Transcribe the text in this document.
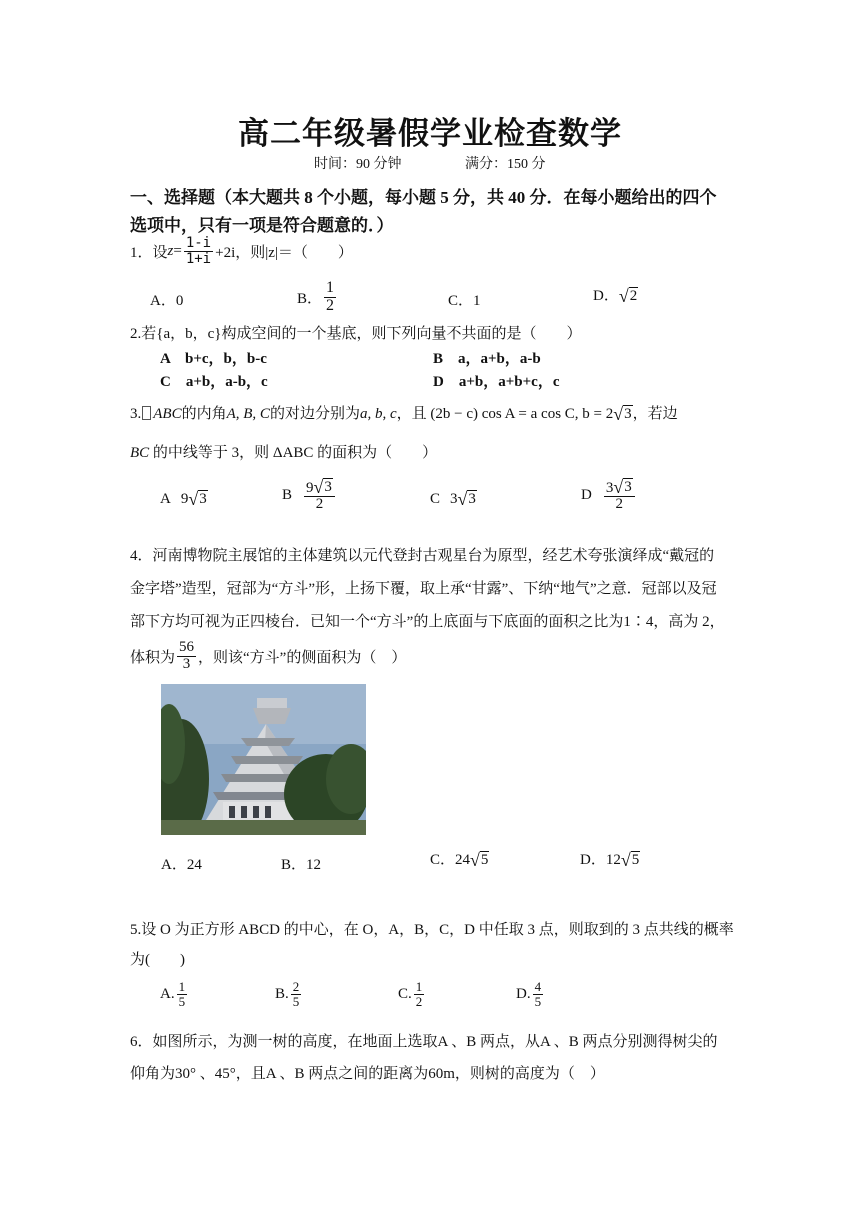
高二年级暑假学业检查数学
时间：90 分钟	满分：150 分
一、选择题（本大题共 8 个小题，每小题 5 分，共 40 分．在每小题给出的四个
选项中，只有一项是符合题意的．）
1．设 $z = \frac{1-i}{1+i} +2i$，则|z|＝（　　）
A．0	B． $\frac{1}{2}$	C．1	D． √ 2
2.若{a，b，c}构成空间的一个基底，则下列向量不共面的是（　　）
A　b+c，b，b-c	B　a，a+b，a-b
C　a+b，a-b，c	D　a+b，a+b+c，c
3. ABC 的内角 A, B, C 的对边分别为 a, b, c ，且 (2b − c) cos A = a cos C, b = 2 √ 3 ，若边
BC 的中线等于 3，则 ΔABC 的面积为（　　）
A 9 √ 3	B $\frac{9 √ 3}{2}$	C 3 √ 3	D $\frac{3 √ 3}{2}$
4．河南博物院主展馆的主体建筑以元代登封古观星台为原型，经艺术夸张演绎成“戴冠的
金字塔”造型，冠部为“方斗”形，上扬下覆，取上承“甘露”、下纳“地气”之意．冠部以及冠
部下方均可视为正四棱台．已知一个“方斗”的上底面与下底面的面积之比为1∶4，高为 2，
体积为 $\frac{56}{3}$ ，则该“方斗”的侧面积为（　）
A．24	B．12	C． 24 √ 5	D． 12 √ 5
5.设 O 为正方形 ABCD 的中心，在 O，A，B，C，D 中任取 3 点，则取到的 3 点共线的概率
为(　　)
A. $\frac{1}{5}$	B. $\frac{2}{5}$	C. $\frac{1}{2}$	D. $\frac{4}{5}$
6．如图所示，为测一树的高度，在地面上选取A 、B 两点，从A 、B 两点分别测得树尖的
仰角为30° 、45°，且A 、B 两点之间的距离为60m，则树的高度为（　）
